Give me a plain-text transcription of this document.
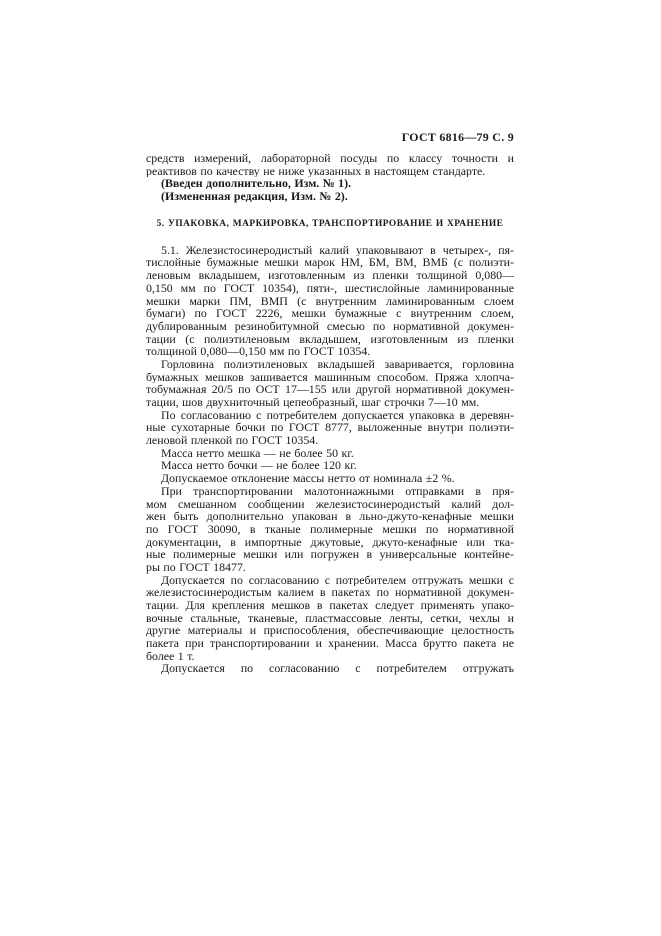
ГОСТ 6816—79 С. 9
средств измерений, лабораторной посуды по классу точности и
реактивов по качеству не ниже указанных в настоящем стандарте.
(Введен дополнительно, Изм. № 1).
(Измененная редакция, Изм. № 2).
5. УПАКОВКА, МАРКИРОВКА, ТРАНСПОРТИРОВАНИЕ И ХРАНЕНИЕ
5.1. Железистосинеродистый калий упаковывают в четырех-, пя-
тислойные бумажные мешки марок НМ, БМ, ВМ, ВМБ (с полиэти-
леновым вкладышем, изготовленным из пленки толщиной 0,080—
0,150 мм по ГОСТ 10354), пяти-, шестислойные ламинированные
мешки марки ПМ, ВМП (с внутренним ламинированным слоем
бумаги) по ГОСТ 2226, мешки бумажные с внутренним слоем,
дублированным резинобитумной смесью по нормативной докумен-
тации (с полиэтиленовым вкладышем, изготовленным из пленки
толщиной 0,080—0,150 мм по ГОСТ 10354.
Горловина полиэтиленовых вкладышей заваривается, горловина
бумажных мешков зашивается машинным способом. Пряжа хлопча-
тобумажная 20/5 по ОСТ 17—155 или другой нормативной докумен-
тации, шов двухниточный цепеобразный, шаг строчки 7—10 мм.
По согласованию с потребителем допускается упаковка в деревян-
ные сухотарные бочки по ГОСТ 8777, выложенные внутри полиэти-
леновой пленкой по ГОСТ 10354.
Масса нетто мешка — не более 50 кг.
Масса нетто бочки — не более 120 кг.
Допускаемое отклонение массы нетто от номинала ±2 %.
При транспортировании малотоннажными отправками в пря-
мом смешанном сообщении железистосинеродистый калий дол-
жен быть дополнительно упакован в льно-джуто-кенафные мешки
по ГОСТ 30090, в тканые полимерные мешки по нормативной
документации, в импортные джутовые, джуто-кенафные или тка-
ные полимерные мешки или погружен в универсальные контейне-
ры по ГОСТ 18477.
Допускается по согласованию с потребителем отгружать мешки с
железистосинеродистым калием в пакетах по нормативной докумен-
тации. Для крепления мешков в пакетах следует применять упако-
вочные стальные, тканевые, пластмассовые ленты, сетки, чехлы и
другие материалы и приспособления, обеспечивающие целостность
пакета при транспортировании и хранении. Масса брутто пакета не
более 1 т.
Допускается по согласованию с потребителем отгружать
